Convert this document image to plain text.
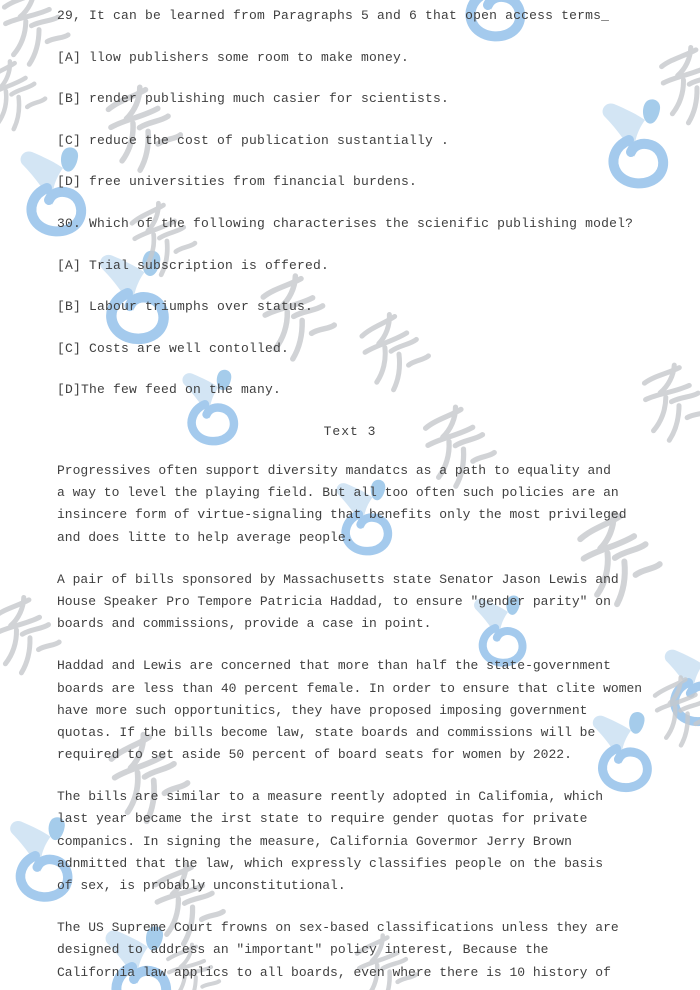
29, It can be learned from Paragraphs 5 and 6 that open access terms_
[A] llow publishers some room to make money.
[B] render publishing much casier for scientists.
[C] reduce the cost of publication sustantially .
[D] free universities from financial burdens.
30. Which of the following characterises the scienific publishing model?
[A] Trial subscription is offered.
[B] Labour triumphs over status.
[C] Costs are well contolled.
[D]The few feed on the many.
Text 3
Progressives often support diversity mandatcs as a path to equality and
a way to level the playing field. But all too often such policies are an
insincere form of virtue-signaling that benefits only the most privileged
and does litte to help average people.
A pair of bills sponsored by Massachusetts state Senator Jason Lewis and
House Speaker Pro Tempore Patricia Haddad, to ensure ″gender parity″ on
boards and commissions, provide a case in point.
Haddad and Lewis are concerned that more than half the state-government
boards are less than 40 percent female. In order to ensure that clite women
have more such opportunitics, they have proposed imposing government
quotas. If the bills become law, state boards and commissions will be
required to set aside 50 percent of board seats for women by 2022.
The bills are similar to a measure reently adopted in Califomia, which
last year became the irst state to require gender quotas for private
companics. In signing the measure, California Govermor Jerry Brown
adnmitted that the law, which expressly classifies people on the basis
of sex, is probably unconstitutional.
The US Supreme Court frowns on sex-based classifications unless they are
designed to address an ″important″ policy interest, Because the
California law applics to all boards, even where there is 10 history of
